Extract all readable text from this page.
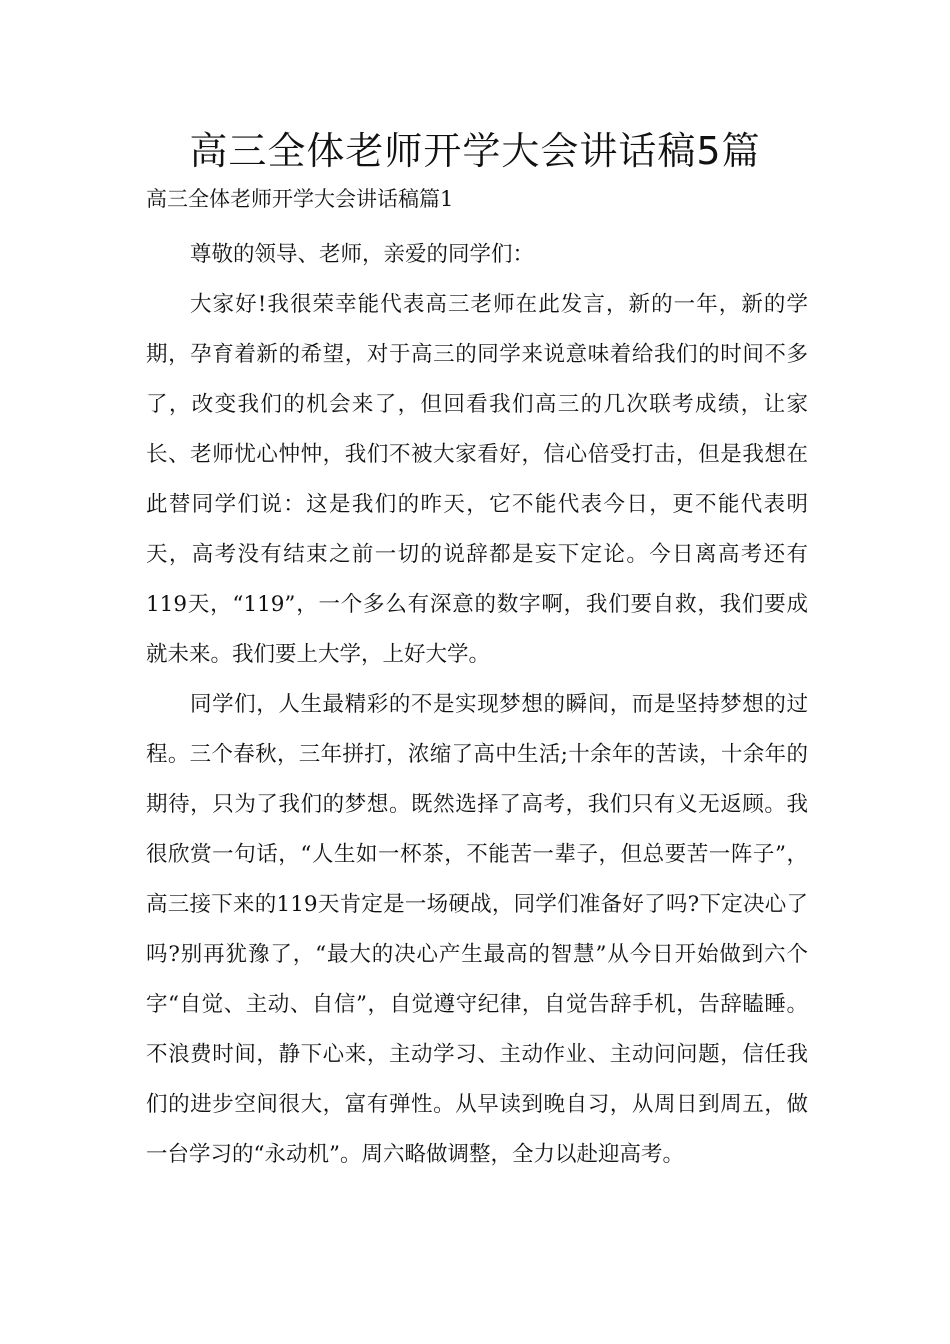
高三全体老师开学大会讲话稿5篇

高三全体老师开学大会讲话稿篇1

尊敬的领导、老师，亲爱的同学们：

大家好!我很荣幸能代表高三老师在此发言，新的一年，新的学期，孕育着新的希望，对于高三的同学来说意味着给我们的时间不多了，改变我们的机会来了，但回看我们高三的几次联考成绩，让家长、老师忧心忡忡，我们不被大家看好，信心倍受打击，但是我想在此替同学们说：这是我们的昨天，它不能代表今日，更不能代表明天，高考没有结束之前一切的说辞都是妄下定论。今日离高考还有119天，“119”，一个多么有深意的数字啊，我们要自救，我们要成就未来。我们要上大学，上好大学。

同学们，人生最精彩的不是实现梦想的瞬间，而是坚持梦想的过程。三个春秋，三年拼打，浓缩了高中生活;十余年的苦读，十余年的期待，只为了我们的梦想。既然选择了高考，我们只有义无返顾。我很欣赏一句话，“人生如一杯茶，不能苦一辈子，但总要苦一阵子”，高三接下来的119天肯定是一场硬战，同学们准备好了吗?下定决心了吗?别再犹豫了，“最大的决心产生最高的智慧”从今日开始做到六个字“自觉、主动、自信”，自觉遵守纪律，自觉告辞手机，告辞瞌睡。不浪费时间，静下心来，主动学习、主动作业、主动问问题，信任我们的进步空间很大，富有弹性。从早读到晚自习，从周日到周五，做一台学习的“永动机”。周六略做调整，全力以赴迎高考。
